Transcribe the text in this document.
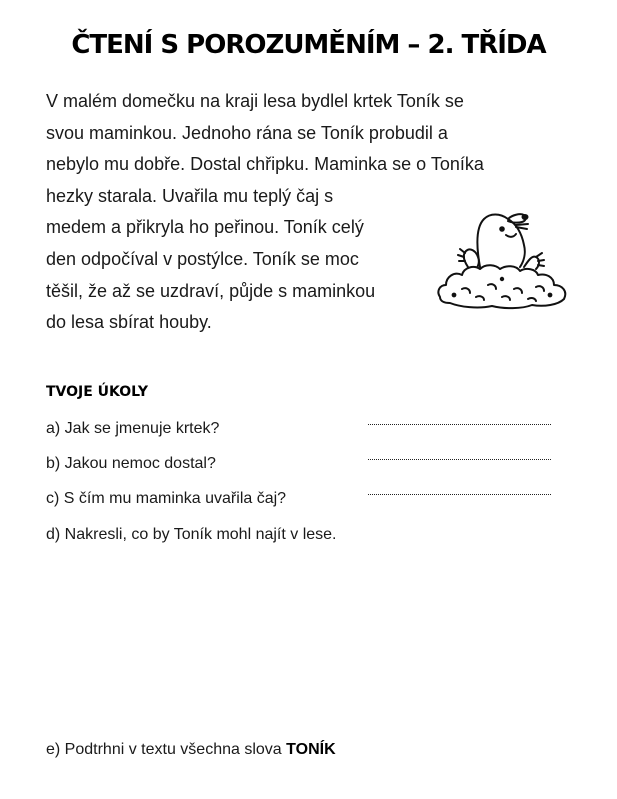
ČTENÍ S POROZUMĚNÍM – 2. TŘÍDA
V malém domečku na kraji lesa bydlel krtek Toník se
svou maminkou. Jednoho rána se Toník probudil a
nebylo mu dobře. Dostal chřipku. Maminka se o Toníka
hezky starala. Uvařila mu teplý čaj s
medem a přikryla ho peřinou. Toník celý
den odpočíval v postýlce. Toník se moc
těšil, že až se uzdraví, půjde s maminkou
do lesa sbírat houby.
TVOJE ÚKOLY
a) Jak se jmenuje krtek?
b) Jakou nemoc dostal?
c) S čím mu maminka uvařila čaj?
d) Nakresli, co by Toník mohl najít v lese.
e) Podtrhni v textu všechna slova TONÍK
